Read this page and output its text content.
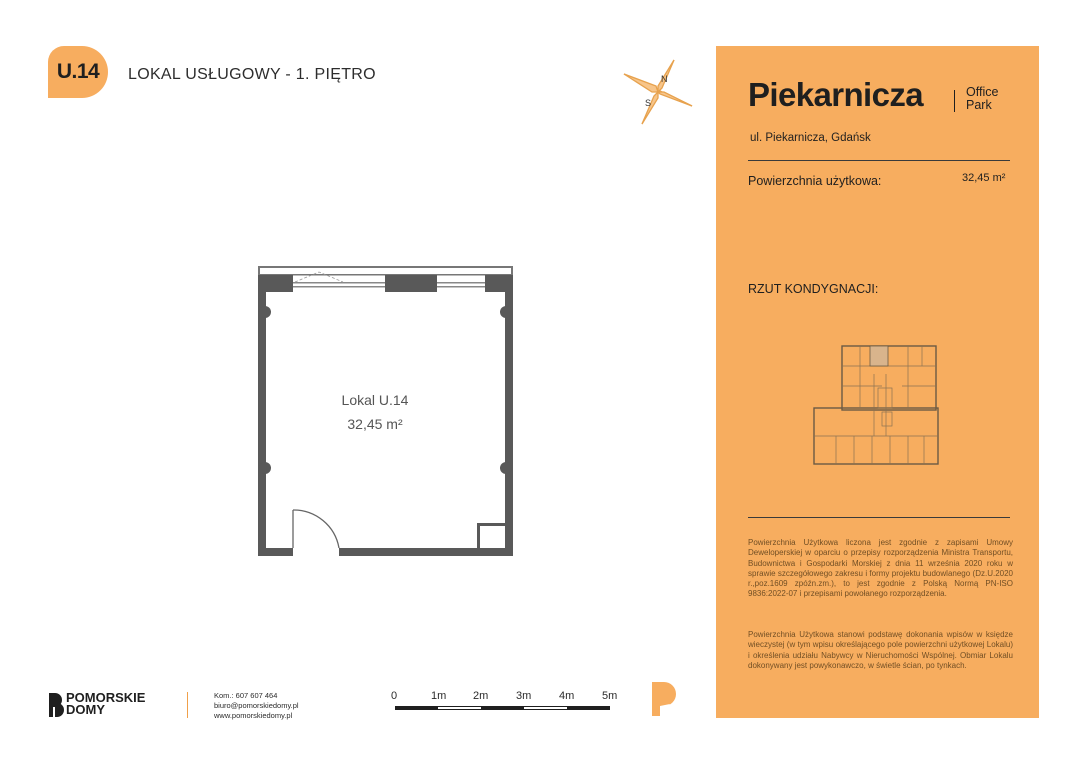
U.14 LOKAL USŁUGOWY - 1. PIĘTRO	N
S
Lokal U.14
32,45 m²
Piekarnicza	Office
Park
ul. Piekarnicza, Gdańsk
Powierzchnia użytkowa:	32,45 m²
RZUT KONDYGNACJI:
Powierzchnia Użytkowa liczona jest zgodnie z zapisami Umowy Deweloperskiej w oparciu o przepisy rozporządzenia Ministra Transportu, Budownictwa i Gospodarki Morskiej z dnia 11 września 2020 roku w sprawie szczegółowego zakresu i formy projektu budowlanego (Dz.U.2020 r.,poz.1609 zpóźn.zm.), to jest zgodnie z Polską Normą PN-ISO 9836:2022-07 i przepisami powołanego rozporządzenia.
Powierzchnia Użytkowa stanowi podstawę dokonania wpisów w księdze wieczystej (w tym wpisu określającego pole powierzchni użytkowej Lokalu) i określenia udziału Nabywcy w Nieruchomości Wspólnej. Obmiar Lokalu dokonywany jest powykonawczo, w świetle ścian, po tynkach.
POMORSKIE
DOMY
Kom.: 607 607 464
biuro@pomorskiedomy.pl
www.pomorskiedomy.pl
0	1m 2m	3m	4m	5m
